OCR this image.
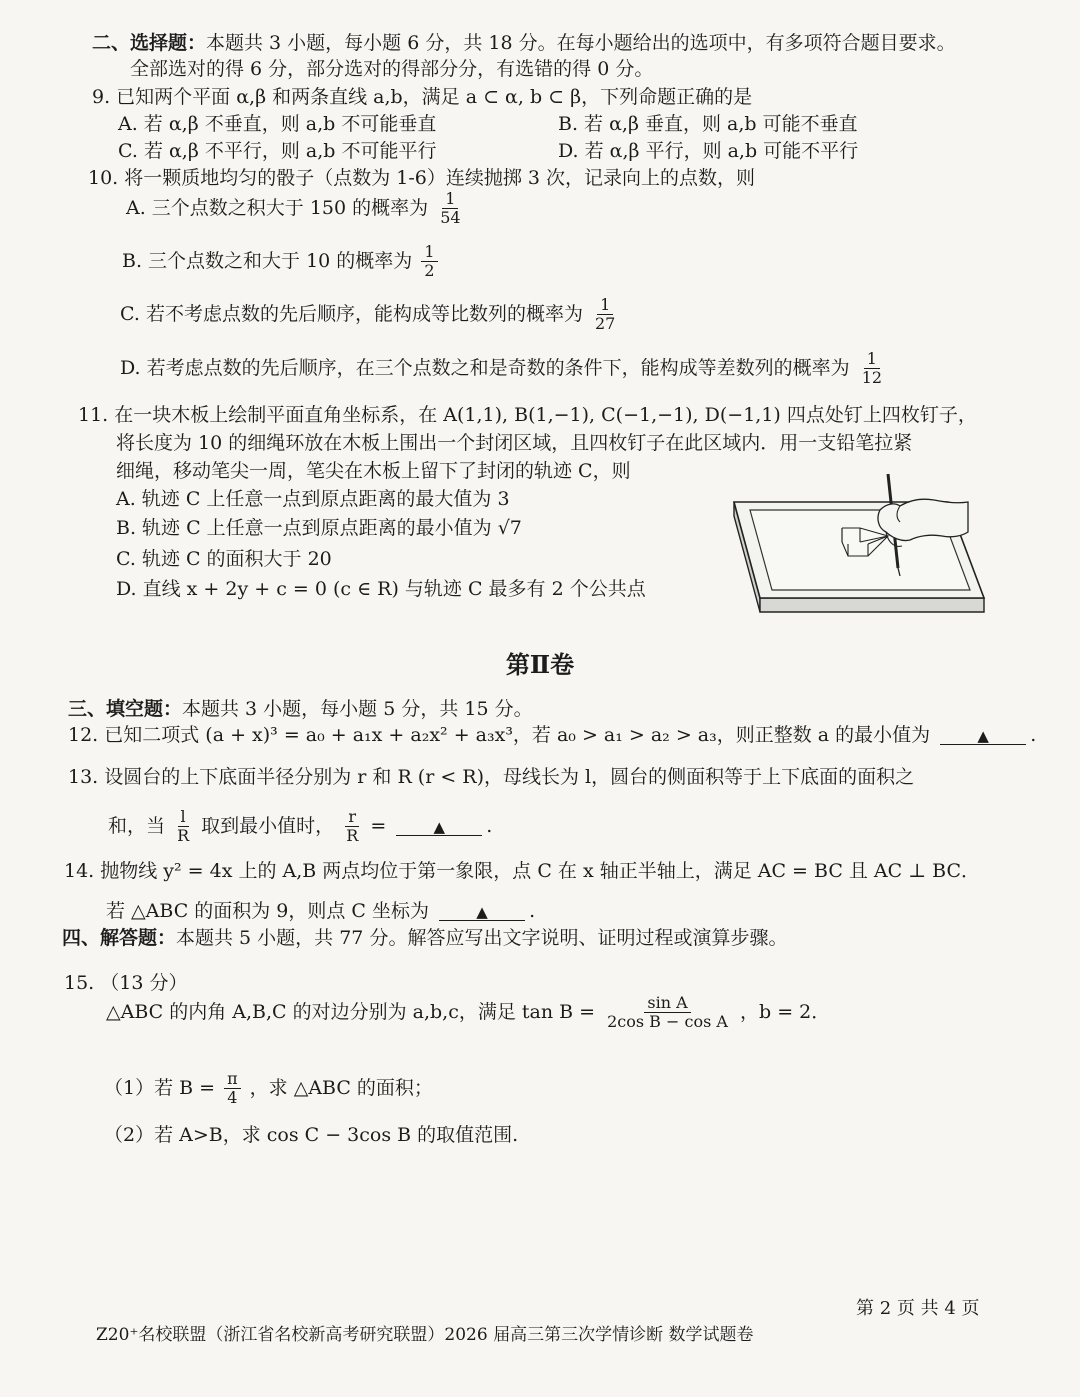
二、选择题：本题共 3 小题，每小题 6 分，共 18 分。在每小题给出的选项中，有多项符合题目要求。
全部选对的得 6 分，部分选对的得部分分，有选错的得 0 分。
9. 已知两个平面 α,β 和两条直线 a,b，满足 a ⊂ α, b ⊂ β，下列命题正确的是
A. 若 α,β 不垂直，则 a,b 不可能垂直	B. 若 α,β 垂直，则 a,b 可能不垂直
C. 若 α,β 不平行，则 a,b 不可能平行	D. 若 α,β 平行，则 a,b 可能不平行
10. 将一颗质地均匀的骰子（点数为 1-6）连续抛掷 3 次，记录向上的点数，则
A. 三个点数之积大于 150 的概率为 $\frac{1}{54}$
B. 三个点数之和大于 10 的概率为 $\frac{1}{2}$
C. 若不考虑点数的先后顺序，能构成等比数列的概率为 $\frac{1}{27}$
D. 若考虑点数的先后顺序，在三个点数之和是奇数的条件下，能构成等差数列的概率为 $\frac{1}{12}$
11. 在一块木板上绘制平面直角坐标系，在 A(1,1), B(1,−1), C(−1,−1), D(−1,1) 四点处钉上四枚钉子，
将长度为 10 的细绳环放在木板上围出一个封闭区域，且四枚钉子在此区域内．用一支铅笔拉紧
细绳，移动笔尖一周，笔尖在木板上留下了封闭的轨迹 C，则
A. 轨迹 C 上任意一点到原点距离的最大值为 3
B. 轨迹 C 上任意一点到原点距离的最小值为 √7
C. 轨迹 C 的面积大于 20
D. 直线 x + 2y + c = 0 (c ∈ R) 与轨迹 C 最多有 2 个公共点
第Ⅱ卷
三、填空题：本题共 3 小题，每小题 5 分，共 15 分。
12. 已知二项式 (a + x)³ = a₀ + a₁x + a₂x² + a₃x³，若 a₀ > a₁ > a₂ > a₃，则正整数 a 的最小值为	▲ .
13. 设圆台的上下底面半径分别为 r 和 R (r < R)，母线长为 l，圆台的侧面积等于上下底面的面积之
和，当 $\frac{l}{R}$ 取到最小值时， $\frac{r}{R}$ =	▲ .
14. 抛物线 y² = 4x 上的 A,B 两点均位于第一象限，点 C 在 x 轴正半轴上，满足 AC = BC 且 AC ⊥ BC．
若 △ABC 的面积为 9，则点 C 坐标为	▲ .
四、解答题：本题共 5 小题，共 77 分。解答应写出文字说明、证明过程或演算步骤。
15. （13 分）
△ABC 的内角 A,B,C 的对边分别为 a,b,c，满足 $\tan B = \frac{\text{sin A}}{\text{2cos B − cos A}}$ ，b = 2．
（1）若 $B = \frac{\pi}{4}$ ，求 △ABC 的面积；
（2）若 A>B，求 cos C − 3cos B 的取值范围.
Z20⁺名校联盟（浙江省名校新高考研究联盟）2026 届高三第三次学情诊断 数学试题卷
第 2 页 共 4 页
